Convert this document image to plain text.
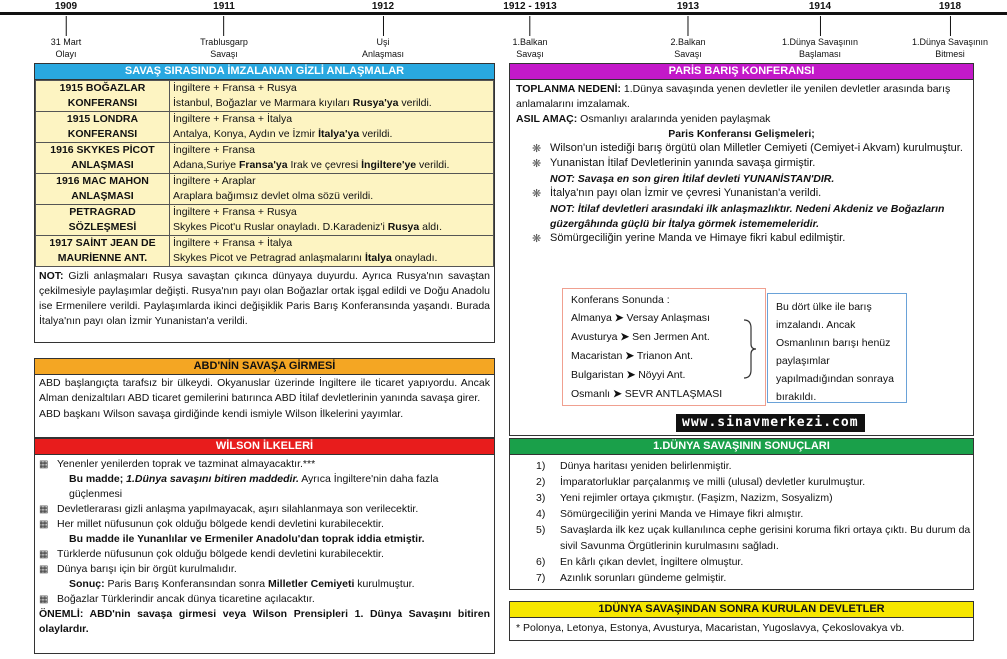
1909
31 Mart
Olayı
1911
Trablusgarp
Savaşı
1912
Uşi
Anlaşması
1912 - 1913
1.Balkan
Savaşı
1913
2.Balkan
Savaşı
1914
1.Dünya Savaşının
Başlaması
1918
1.Dünya Savaşının
Bitmesi
SAVAŞ SIRASINDA İMZALANAN GİZLİ ANLAŞMALAR
1915 BOĞAZLAR
KONFERANSI	İngiltere + Fransa + Rusya
İstanbul, Boğazlar ve Marmara kıyıları Rusya'ya verildi.

1915 LONDRA
KONFERANSI	İngiltere + Fransa + İtalya
Antalya, Konya, Aydın ve İzmir İtalya'ya verildi.

1916 SKYKES PİCOT
ANLAŞMASI	İngiltere + Fransa
Adana,Suriye Fransa'ya Irak ve çevresi İngiltere'ye verildi.

1916 MAC MAHON
ANLAŞMASI	İngiltere + Araplar
Araplara bağımsız devlet olma sözü verildi.

PETRAGRAD
SÖZLEŞMESİ	İngiltere + Fransa + Rusya
Skykes Picot'u Ruslar onayladı. D.Karadeniz'i Rusya aldı.

1917 SAİNT JEAN DE
MAURİENNE ANT.	İngiltere + Fransa + İtalya
Skykes Picot ve Petragrad anlaşmalarını İtalya onayladı.
NOT: Gizli anlaşmaları Rusya savaştan çıkınca dünyaya duyurdu. Ayrıca Rusya'nın savaştan çekilmesiyle paylaşımlar değişti. Rusya'nın payı olan Boğazlar ortak işgal edildi ve Doğu Anadolu ise Ermenilere verildi. Paylaşımlarda ikinci değişiklik Paris Barış Konferansında yaşandı. Burada İtalya'nın payı olan İzmir Yunanistan'a verildi.
ABD'NİN SAVAŞA GİRMESİ
ABD başlangıçta tarafsız bir ülkeydi. Okyanuslar üzerinde İngiltere ile ticaret yapıyordu. Ancak Alman denizaltıları ABD ticaret gemilerini batırınca ABD İtilaf devletlerinin yanında savaşa girer.
ABD başkanı Wilson savaşa girdiğinde kendi ismiyle Wilson İlkelerini yayımlar.
WİLSON İLKELERİ
▦ Yenenler yenilerden toprak ve tazminat almayacaktır.***
Bu madde; 1.Dünya savaşını bitiren maddedir. Ayrıca İngiltere'nin daha fazla güçlenmesi
▦ Devletlerarası gizli anlaşma yapılmayacak, aşırı silahlanmaya son verilecektir.
▦ Her millet nüfusunun çok olduğu bölgede kendi devletini kurabilecektir.
Bu madde ile Yunanlılar ve Ermeniler Anadolu'dan toprak iddia etmiştir.
▦ Türklerde nüfusunun çok olduğu bölgede kendi devletini kurabilecektir.
▦ Dünya barışı için bir örgüt kurulmalıdır.
Sonuç: Paris Barış Konferansından sonra Milletler Cemiyeti kurulmuştur.
▦ Boğazlar Türklerindir ancak dünya ticaretine açılacaktır.
ÖNEMLİ: ABD'nin savaşa girmesi veya Wilson Prensipleri 1. Dünya Savaşını bitiren olaylardır.
PARİS BARIŞ KONFERANSI
TOPLANMA NEDENİ: 1.Dünya savaşında yenen devletler ile yenilen devletler arasında barış anlamalarını imzalamak.
ASIL AMAÇ: Osmanlıyı aralarında yeniden paylaşmak
Paris Konferansı Gelişmeleri;
❋ Wilson'un istediği barış örgütü olan Milletler Cemiyeti (Cemiyet-i Akvam) kurulmuştur.
❋ Yunanistan İtilaf Devletlerinin yanında savaşa girmiştir.
NOT: Savaşa en son giren İtilaf devleti YUNANİSTAN'DIR.
❋ İtalya'nın payı olan İzmir ve çevresi Yunanistan'a verildi.
NOT: İtilaf devletleri arasındaki ilk anlaşmazlıktır. Nedeni Akdeniz ve Boğazların güzergâhında güçlü bir İtalya görmek istememeleridir.
❋ Sömürgeciliğin yerine Manda ve Himaye fikri kabul edilmiştir.
Konferans Sonunda :
Almanya ➤ Versay Anlaşması
Avusturya ➤ Sen Jermen Ant.
Macaristan ➤ Trianon Ant.
Bulgaristan ➤ Nöyyi Ant.
Osmanlı ➤ SEVR ANTLAŞMASI
Bu dört ülke ile barış imzalandı. Ancak Osmanlının barışı henüz paylaşımlar yapılmadığından sonraya bırakıldı.
www.sinavmerkezi.com
1.DÜNYA SAVAŞININ SONUÇLARI
1)	Dünya haritası yeniden belirlenmiştir.
2)	İmparatorluklar parçalanmış ve milli (ulusal) devletler kurulmuştur.
3)	Yeni rejimler ortaya çıkmıştır. (Faşizm, Nazizm, Sosyalizm)
4)	Sömürgeciliğin yerini Manda ve Himaye fikri almıştır.
5)	Savaşlarda ilk kez uçak kullanılınca cephe gerisini koruma fikri ortaya çıktı. Bu durum da sivil Savunma Örgütlerinin kurulmasını sağladı.
6)	En kârlı çıkan devlet, İngiltere olmuştur.
7)	Azınlık sorunları gündeme gelmiştir.
1DÜNYA SAVAŞINDAN SONRA KURULAN DEVLETLER
* Polonya, Letonya, Estonya, Avusturya, Macaristan, Yugoslavya, Çekoslovakya vb.
